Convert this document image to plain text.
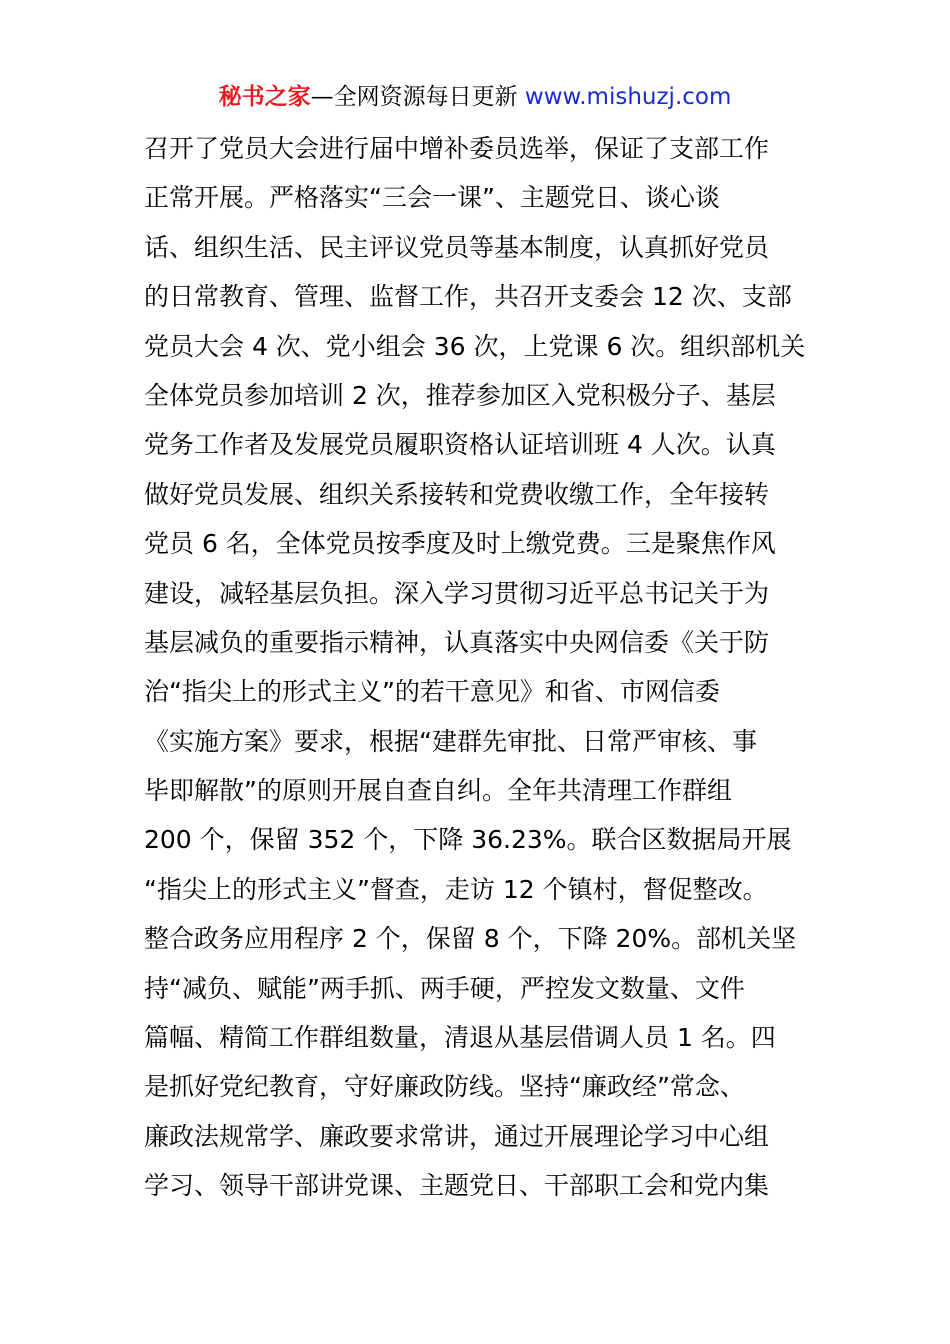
秘书之家—全网资源每日更新 www.mishuzj.com
召开了党员大会进行届中增补委员选举，保证了支部工作
正常开展。严格落实“三会一课”、主题党日、谈心谈
话、组织生活、民主评议党员等基本制度，认真抓好党员
的日常教育、管理、监督工作，共召开支委会 12 次、支部
党员大会 4 次、党小组会 36 次，上党课 6 次。组织部机关
全体党员参加培训 2 次，推荐参加区入党积极分子、基层
党务工作者及发展党员履职资格认证培训班 4 人次。认真
做好党员发展、组织关系接转和党费收缴工作，全年接转
党员 6 名，全体党员按季度及时上缴党费。三是聚焦作风
建设，减轻基层负担。深入学习贯彻习近平总书记关于为
基层减负的重要指示精神，认真落实中央网信委《关于防
治“指尖上的形式主义”的若干意见》和省、市网信委
《实施方案》要求，根据“建群先审批、日常严审核、事
毕即解散”的原则开展自查自纠。全年共清理工作群组
200 个，保留 352 个，下降 36.23%。联合区数据局开展
“指尖上的形式主义”督查，走访 12 个镇村，督促整改。
整合政务应用程序 2 个，保留 8 个，下降 20%。部机关坚
持“减负、赋能”两手抓、两手硬，严控发文数量、文件
篇幅、精简工作群组数量，清退从基层借调人员 1 名。四
是抓好党纪教育，守好廉政防线。坚持“廉政经”常念、
廉政法规常学、廉政要求常讲，通过开展理论学习中心组
学习、领导干部讲党课、主题党日、干部职工会和党内集
